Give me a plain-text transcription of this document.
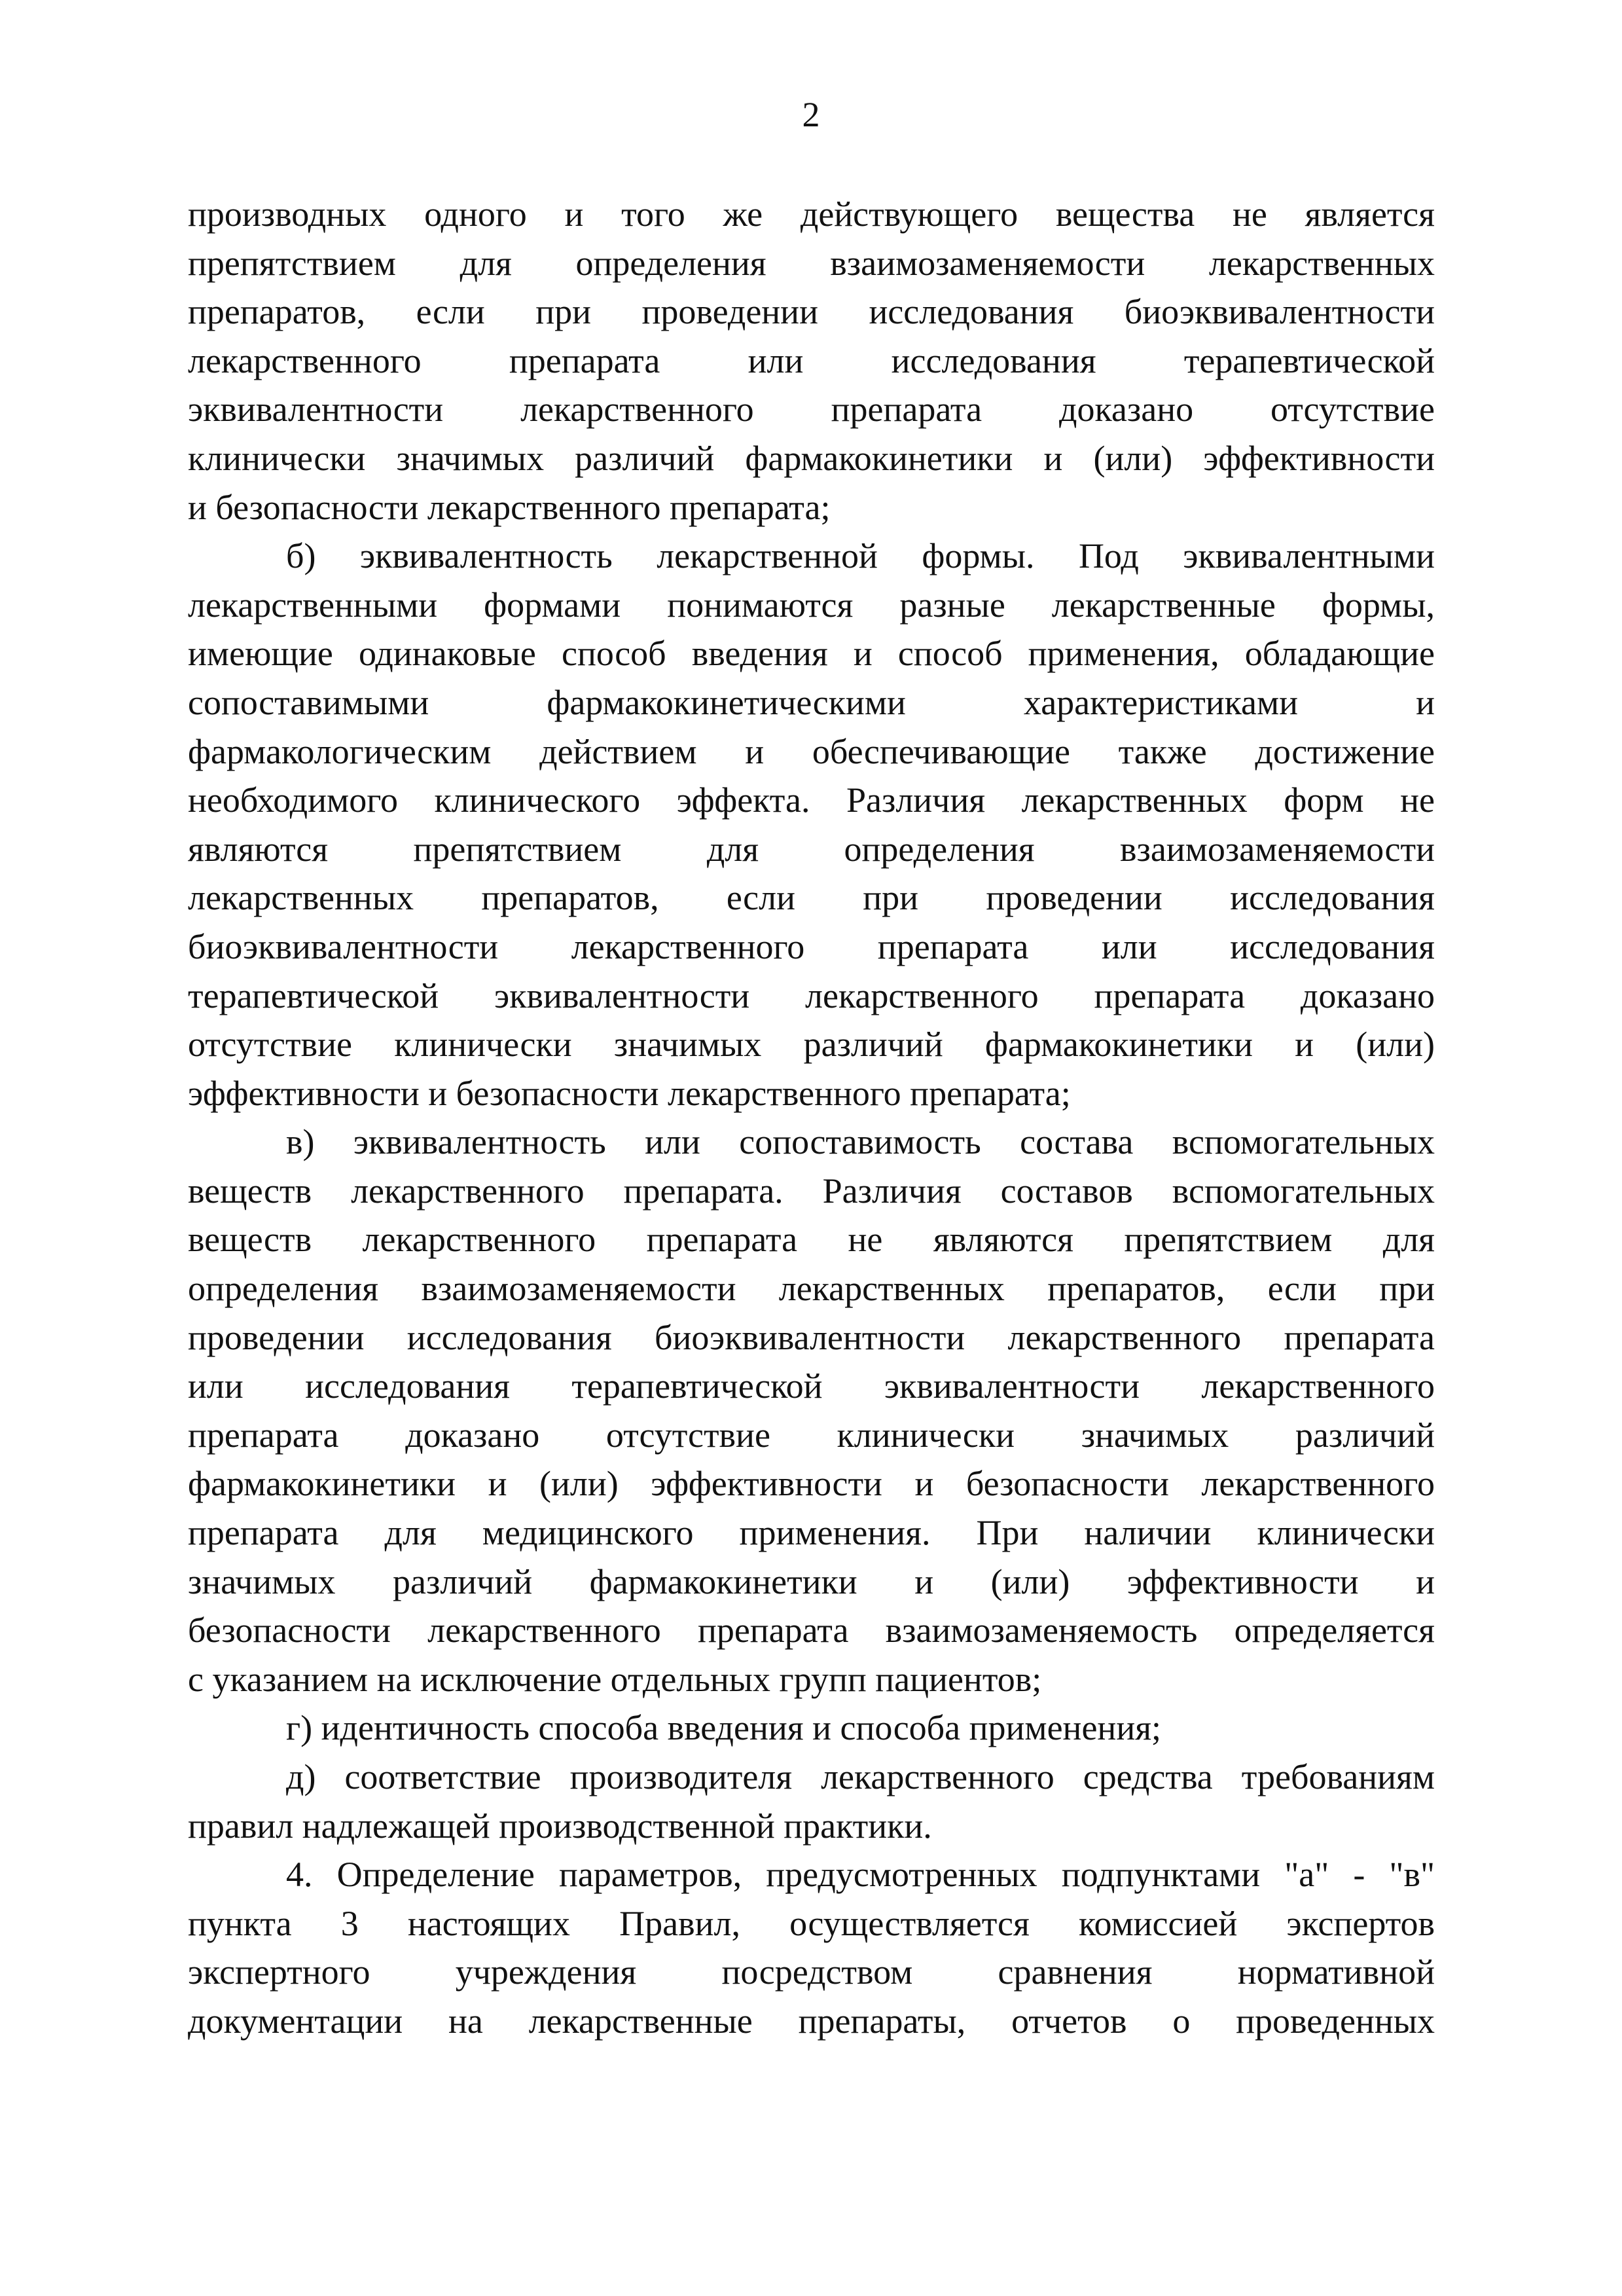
2
производных одного и того же действующего вещества не является
препятствием для определения взаимозаменяемости лекарственных
препаратов, если при проведении исследования биоэквивалентности
лекарственного препарата или исследования терапевтической
эквивалентности лекарственного препарата доказано отсутствие
клинически значимых различий фармакокинетики и (или) эффективности
и безопасности лекарственного препарата;
б) эквивалентность лекарственной формы. Под эквивалентными
лекарственными формами понимаются разные лекарственные формы,
имеющие одинаковые способ введения и способ применения, обладающие
сопоставимыми фармакокинетическими характеристиками и
фармакологическим действием и обеспечивающие также достижение
необходимого клинического эффекта. Различия лекарственных форм не
являются препятствием для определения взаимозаменяемости
лекарственных препаратов, если при проведении исследования
биоэквивалентности лекарственного препарата или исследования
терапевтической эквивалентности лекарственного препарата доказано
отсутствие клинически значимых различий фармакокинетики и (или)
эффективности и безопасности лекарственного препарата;
в) эквивалентность или сопоставимость состава вспомогательных
веществ лекарственного препарата. Различия составов вспомогательных
веществ лекарственного препарата не являются препятствием для
определения взаимозаменяемости лекарственных препаратов, если при
проведении исследования биоэквивалентности лекарственного препарата
или исследования терапевтической эквивалентности лекарственного
препарата доказано отсутствие клинически значимых различий
фармакокинетики и (или) эффективности и безопасности лекарственного
препарата для медицинского применения. При наличии клинически
значимых различий фармакокинетики и (или) эффективности и
безопасности лекарственного препарата взаимозаменяемость определяется
с указанием на исключение отдельных групп пациентов;
г) идентичность способа введения и способа применения;
д) соответствие производителя лекарственного средства требованиям
правил надлежащей производственной практики.
4. Определение параметров, предусмотренных подпунктами "а" - "в"
пункта 3 настоящих Правил, осуществляется комиссией экспертов
экспертного учреждения посредством сравнения нормативной
документации на лекарственные препараты, отчетов о проведенных
